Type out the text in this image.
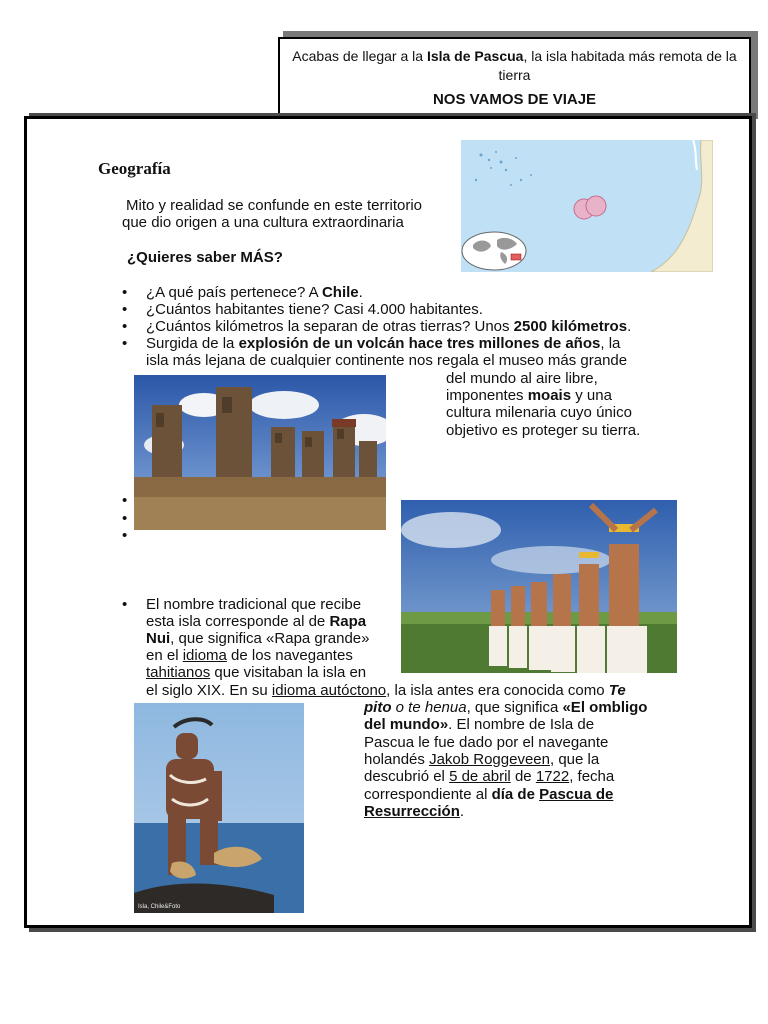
Acabas de llegar a la Isla de Pascua, la isla habitada más remota de la tierra
NOS VAMOS DE VIAJE
Geografía
Mito y realidad se confunde en este territorio
que dio origen a una cultura extraordinaria
¿Quieres saber MÁS?
• ¿A qué país pertenece? A Chile.
• ¿Cuántos habitantes tiene? Casi 4.000 habitantes.
• ¿Cuántos kilómetros la separan de otras tierras? Unos 2500 kilómetros.
• Surgida de la explosión de un volcán hace tres millones de años, la
isla más lejana de cualquier continente nos regala el museo más grande
del mundo al aire libre,
imponentes moais y una
cultura milenaria cuyo único
objetivo es proteger su tierra.
•
•
•
• El nombre tradicional que recibe
esta isla corresponde al de Rapa
Nui, que significa «Rapa grande»
en el idioma de los navegantes
tahitianos que visitaban la isla en
el siglo XIX. En su idioma autóctono, la isla antes era conocida como Te
pito o te henua, que significa «El ombligo
del mundo». El nombre de Isla de
Pascua le fue dado por el navegante
holandés Jakob Roggeveen, que la
descubrió el 5 de abril de 1722, fecha
correspondiente al día de Pascua de
Resurrección.
Isla, Chile&Foto
